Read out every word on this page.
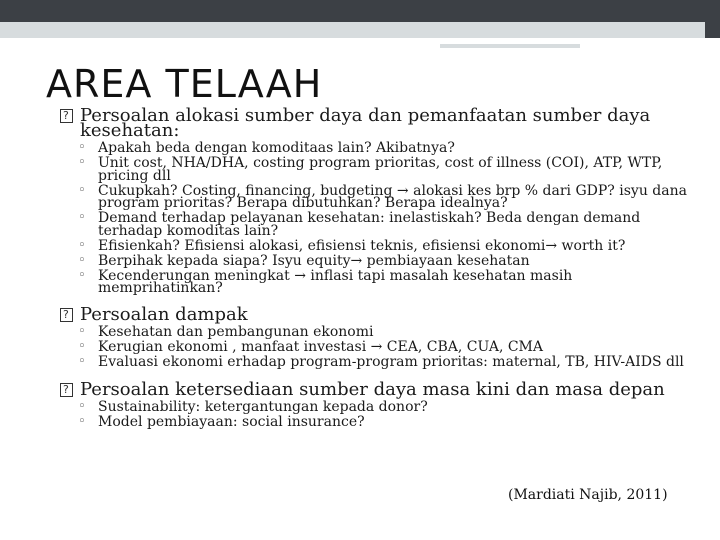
AREA TELAAH

?
Persoalan alokasi sumber daya dan pemanfaatan sumber daya kesehatan:

◦ Apakah beda dengan komoditaas lain? Akibatnya?
◦ Unit cost, NHA/DHA, costing program prioritas, cost of illness (COI), ATP, WTP, pricing dll
◦ Cukupkah? Costing, financing, budgeting → alokasi kes brp % dari GDP? isyu dana program prioritas? Berapa dibutuhkan? Berapa idealnya?
◦ Demand terhadap pelayanan kesehatan: inelastiskah? Beda dengan demand terhadap komoditas lain?
◦ Efisienkah? Efisiensi alokasi, efisiensi teknis, efisiensi ekonomi→ worth it?
◦ Berpihak kepada siapa? Isyu equity→ pembiayaan kesehatan
◦ Kecenderungan meningkat → inflasi tapi masalah kesehatan masih memprihatinkan?

?
Persoalan dampak

◦ Kesehatan dan pembangunan ekonomi
◦ Kerugian ekonomi , manfaat investasi → CEA, CBA, CUA, CMA
◦ Evaluasi ekonomi erhadap program-program prioritas: maternal, TB, HIV-AIDS dll

?
Persoalan ketersediaan sumber daya masa kini dan masa depan

◦ Sustainability: ketergantungan kepada donor?
◦ Model pembiayaan: social insurance?
(Mardiati Najib, 2011)
